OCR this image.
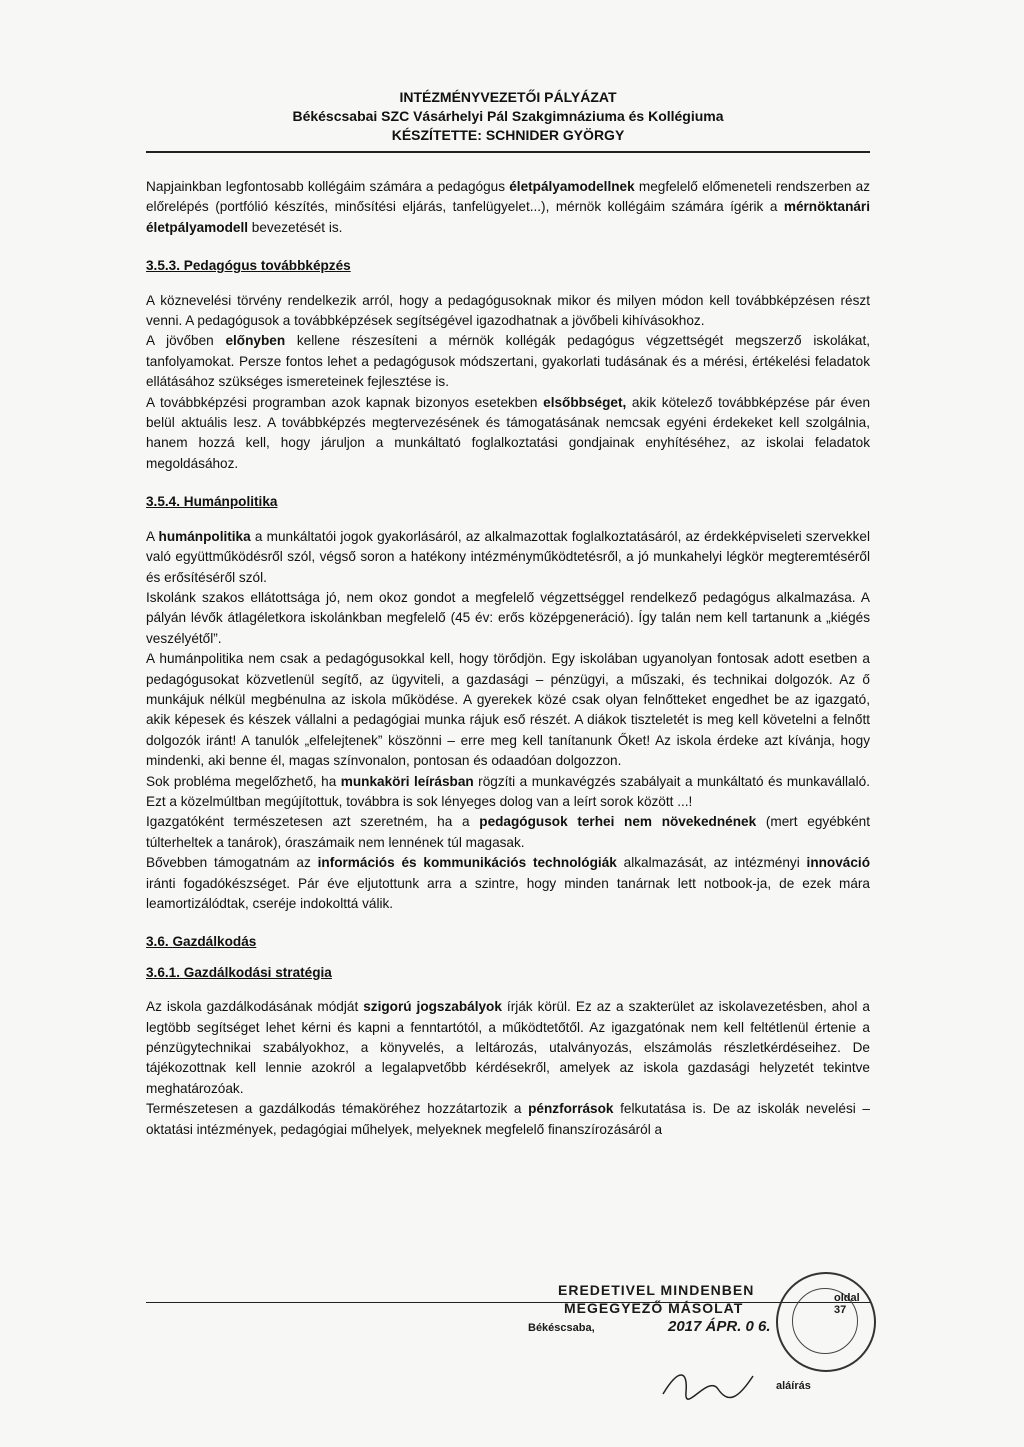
INTÉZMÉNYVEZETŐI PÁLYÁZAT
Békéscsabai SZC Vásárhelyi Pál Szakgimnáziuma és Kollégiuma
KÉSZÍTETTE: SCHNIDER GYÖRGY

Napjainkban legfontosabb kollégáim számára a pedagógus életpályamodellnek megfelelő előmeneteli rendszerben az előrelépés (portfólió készítés, minősítési eljárás, tanfelügyelet...), mérnök kollégáim számára ígérik a mérnöktanári életpályamodell bevezetését is.

3.5.3. Pedagógus továbbképzés

A köznevelési törvény rendelkezik arról, hogy a pedagógusoknak mikor és milyen módon kell továbbképzésen részt venni. A pedagógusok a továbbképzések segítségével igazodhatnak a jövőbeli kihívásokhoz.

A jövőben előnyben kellene részesíteni a mérnök kollégák pedagógus végzettségét megszerző iskolákat, tanfolyamokat. Persze fontos lehet a pedagógusok módszertani, gyakorlati tudásának és a mérési, értékelési feladatok ellátásához szükséges ismereteinek fejlesztése is.

A továbbképzési programban azok kapnak bizonyos esetekben elsőbbséget, akik kötelező továbbképzése pár éven belül aktuális lesz. A továbbképzés megtervezésének és támogatásának nemcsak egyéni érdekeket kell szolgálnia, hanem hozzá kell, hogy járuljon a munkáltató foglalkoztatási gondjainak enyhítéséhez, az iskolai feladatok megoldásához.

3.5.4. Humánpolitika

A humánpolitika a munkáltatói jogok gyakorlásáról, az alkalmazottak foglalkoztatásáról, az érdekképviseleti szervekkel való együttműködésről szól, végső soron a hatékony intézményműködtetésről, a jó munkahelyi légkör megteremtéséről és erősítéséről szól.

Iskolánk szakos ellátottsága jó, nem okoz gondot a megfelelő végzettséggel rendelkező pedagógus alkalmazása. A pályán lévők átlagéletkora iskolánkban megfelelő (45 év: erős középgeneráció). Így talán nem kell tartanunk a „kiégés veszélyétől”.

A humánpolitika nem csak a pedagógusokkal kell, hogy törődjön. Egy iskolában ugyanolyan fontosak adott esetben a pedagógusokat közvetlenül segítő, az ügyviteli, a gazdasági – pénzügyi, a műszaki, és technikai dolgozók. Az ő munkájuk nélkül megbénulna az iskola működése. A gyerekek közé csak olyan felnőtteket engedhet be az igazgató, akik képesek és készek vállalni a pedagógiai munka rájuk eső részét. A diákok tiszteletét is meg kell követelni a felnőtt dolgozók iránt! A tanulók „elfelejtenek” köszönni – erre meg kell tanítanunk Őket! Az iskola érdeke azt kívánja, hogy mindenki, aki benne él, magas színvonalon, pontosan és odaadóan dolgozzon.

Sok probléma megelőzhető, ha munkaköri leírásban rögzíti a munkavégzés szabályait a munkáltató és munkavállaló. Ezt a közelmúltban megújítottuk, továbbra is sok lényeges dolog van a leírt sorok között ...!

Igazgatóként természetesen azt szeretném, ha a pedagógusok terhei nem növekednének (mert egyébként túlterheltek a tanárok), óraszámaik nem lennének túl magasak.

Bővebben támogatnám az információs és kommunikációs technológiák alkalmazását, az intézményi innováció iránti fogadókészséget. Pár éve eljutottunk arra a szintre, hogy minden tanárnak lett notbook-ja, de ezek mára leamortizálódtak, cseréje indokolttá válik.

3.6. Gazdálkodás
3.6.1. Gazdálkodási stratégia

Az iskola gazdálkodásának módját szigorú jogszabályok írják körül. Ez az a szakterület az iskolavezetésben, ahol a legtöbb segítséget lehet kérni és kapni a fenntartótól, a működtetőtől. Az igazgatónak nem kell feltétlenül értenie a pénzügytechnikai szabályokhoz, a könyvelés, a leltározás, utalványozás, elszámolás részletkérdéseihez. De tájékozottnak kell lennie azokról a legalapvetőbb kérdésekről, amelyek az iskola gazdasági helyzetét tekintve meghatározóak.

Természetesen a gazdálkodás témaköréhez hozzátartozik a pénzforrások felkutatása is. De az iskolák nevelési – oktatási intézmények, pedagógiai műhelyek, melyeknek megfelelő finanszírozásáról a

EREDETIVEL MINDENBEN
MEGEGYEZŐ MÁSOLAT
Békéscsaba,	2017 ÁPR. 0 6.
oldal 37
aláírás
